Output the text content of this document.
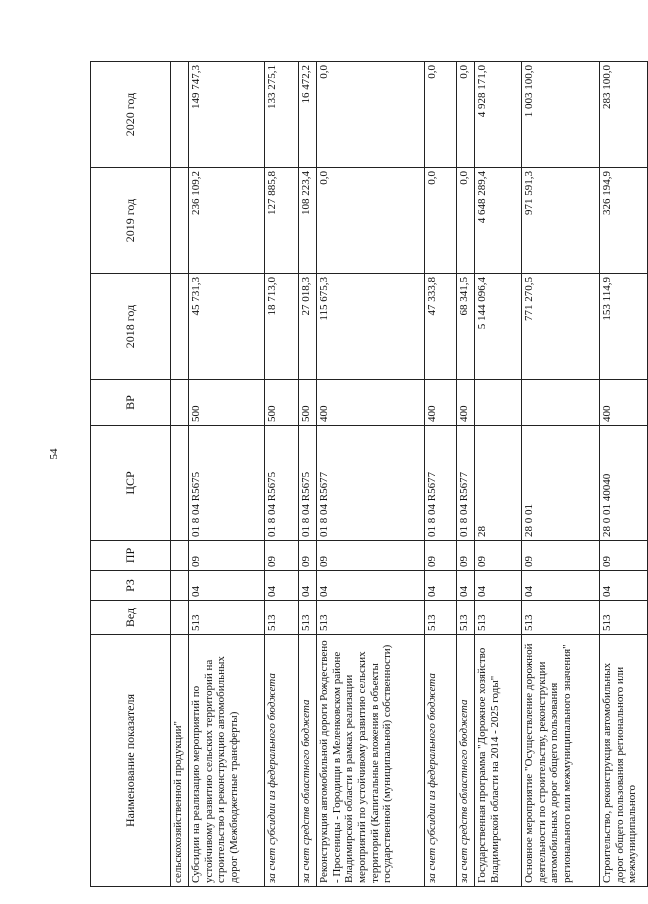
54
Наименование показателя	Вед	РЗ	ПР	ЦСР	ВР	2018 год	2019 год	2020 год
сельскохозяйственной продукции"								
Субсидии на реализацию мероприятий по устойчивому развитию сельских территорий на строительство и реконструкцию автомобильных дорог (Межбюджетные трансферты)	513	04	09	01 8 04 R5675	500	45 731,3	236 109,2	149 747,3
за счет субсидии из федерального бюджета	513	04	09	01 8 04 R5675	500	18 713,0	127 885,8	133 275,1
за счет средств областного бюджета	513	04	09	01 8 04 R5675	500	27 018,3	108 223,4	16 472,2
Реконструкция автомобильной дороги Рождествено - Просеницы - Городищи в Меленковском районе Владимирской области в рамках реализации мероприятий по устойчивому развитию сельских территорий (Капитальные вложения в объекты государственной (муниципальной) собственности)	513	04	09	01 8 04 R5677	400	115 675,3	0,0	0,0
за счет субсидии из федерального бюджета	513	04	09	01 8 04 R5677	400	47 333,8	0,0	0,0
за счет средств областного бюджета	513	04	09	01 8 04 R5677	400	68 341,5	0,0	0,0
Государственная программа "Дорожное хозяйство Владимирской области на 2014 - 2025 годы"	513	04	09	28		5 144 096,4	4 648 289,4	4 928 171,0
Основное мероприятие "Осуществление дорожной деятельности по строительству, реконструкции автомобильных дорог общего пользования регионального или межмуниципального значения"	513	04	09	28 0 01		771 270,5	971 591,3	1 003 100,0
Строительство, реконструкция автомобильных дорог общего пользования регионального или межмуниципального	513	04	09	28 0 01 40040	400	153 114,9	326 194,9	283 100,0
